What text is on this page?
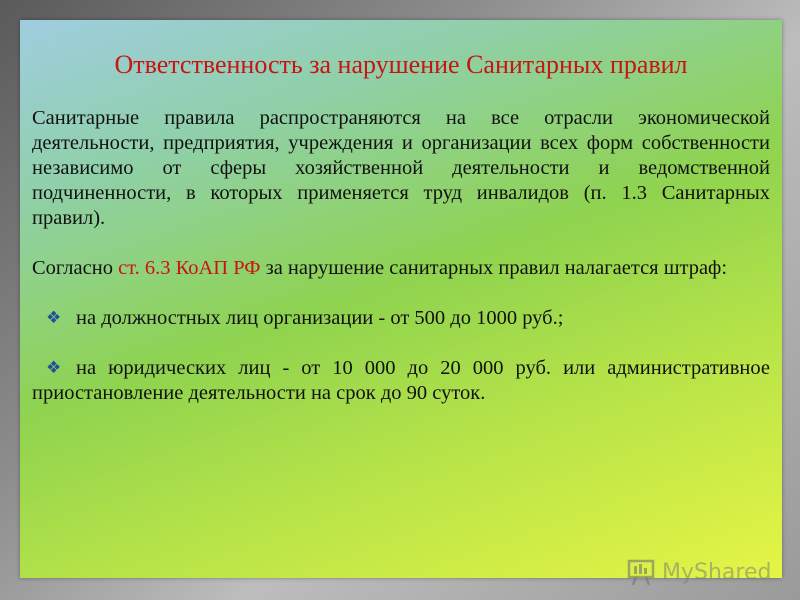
Ответственность за нарушение Санитарных правил

Санитарные правила распространяются на все отрасли экономической деятельности, предприятия, учреждения и организации всех форм собственности независимо от сферы хозяйственной деятельности и ведомственной подчиненности, в которых применяется труд инвалидов (п. 1.3 Санитарных правил).

Согласно ст. 6.3 КоАП РФ за нарушение санитарных правил налагается штраф:

❖ на должностных лиц организации - от 500 до 1000 руб.;
❖ на юридических лиц - от 10 000 до 20 000 руб. или административное приостановление деятельности на срок до 90 суток.
MyShared
